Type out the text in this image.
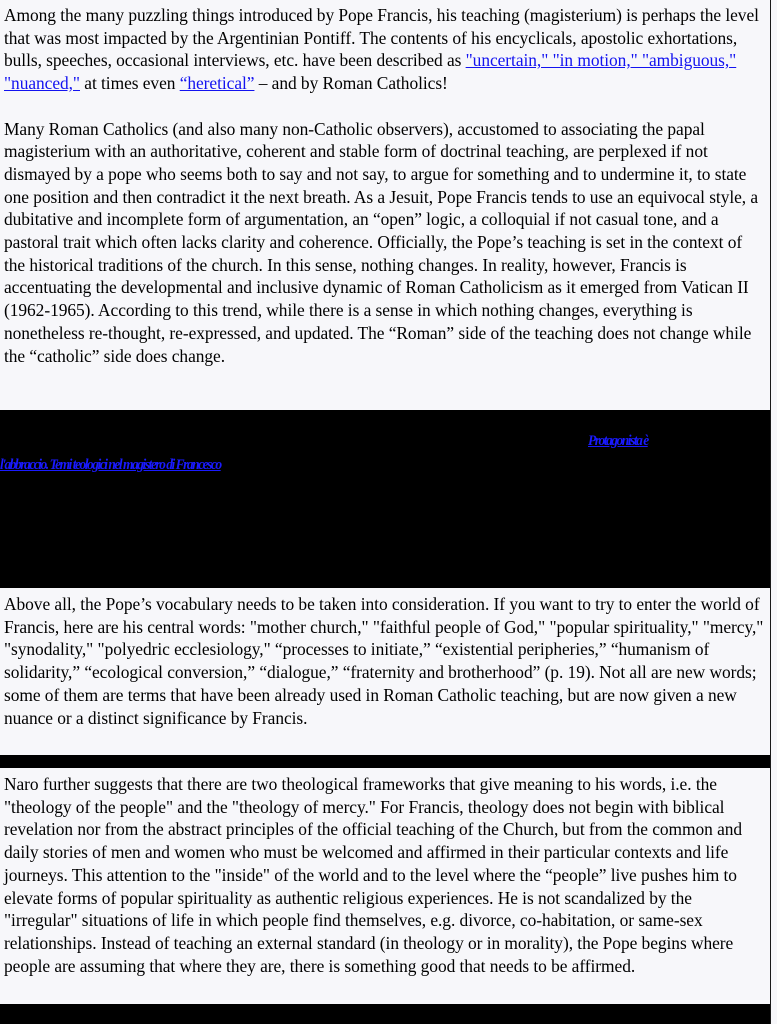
Among the many puzzling things introduced by Pope Francis, his teaching (magisterium) is perhaps the level that was most impacted by the Argentinian Pontiff. The contents of his encyclicals, apostolic exhortations, bulls, speeches, occasional interviews, etc. have been described as "uncertain," "in motion," "ambiguous," "nuanced," at times even “heretical” – and by Roman Catholics!

Many Roman Catholics (and also many non-Catholic observers), accustomed to associating the papal magisterium with an authoritative, coherent and stable form of doctrinal teaching, are perplexed if not dismayed by a pope who seems both to say and not say, to argue for something and to undermine it, to state one position and then contradict it the next breath. As a Jesuit, Pope Francis tends to use an equivocal style, a dubitative and incomplete form of argumentation, an “open” logic, a colloquial if not casual tone, and a pastoral trait which often lacks clarity and coherence. Officially, the Pope’s teaching is set in the context of the historical traditions of the church. In this sense, nothing changes. In reality, however, Francis is accentuating the developmental and inclusive dynamic of Roman Catholicism as it emerged from Vatican II (1962-1965). According to this trend, while there is a sense in which nothing changes, everything is nonetheless re-thought, re-expressed, and updated. The “Roman” side of the teaching does not change while the “catholic” side does change.

Protagonista è
l'abbraccio. Temi teologici nel magistero di Francesco

Above all, the Pope’s vocabulary needs to be taken into consideration. If you want to try to enter the world of Francis, here are his central words: "mother church," "faithful people of God," "popular spirituality," "mercy," "synodality," "polyedric ecclesiology," “processes to initiate,” “existential peripheries,” “humanism of solidarity,” “ecological conversion,” “dialogue,” “fraternity and brotherhood” (p. 19). Not all are new words; some of them are terms that have been already used in Roman Catholic teaching, but are now given a new nuance or a distinct significance by Francis.

Naro further suggests that there are two theological frameworks that give meaning to his words, i.e. the "theology of the people" and the "theology of mercy." For Francis, theology does not begin with biblical revelation nor from the abstract principles of the official teaching of the Church, but from the common and daily stories of men and women who must be welcomed and affirmed in their particular contexts and life journeys. This attention to the "inside" of the world and to the level where the “people” live pushes him to elevate forms of popular spirituality as authentic religious experiences. He is not scandalized by the "irregular" situations of life in which people find themselves, e.g. divorce, co-habitation, or same-sex relationships. Instead of teaching an external standard (in theology or in morality), the Pope begins where people are assuming that where they are, there is something good that needs to be affirmed.
